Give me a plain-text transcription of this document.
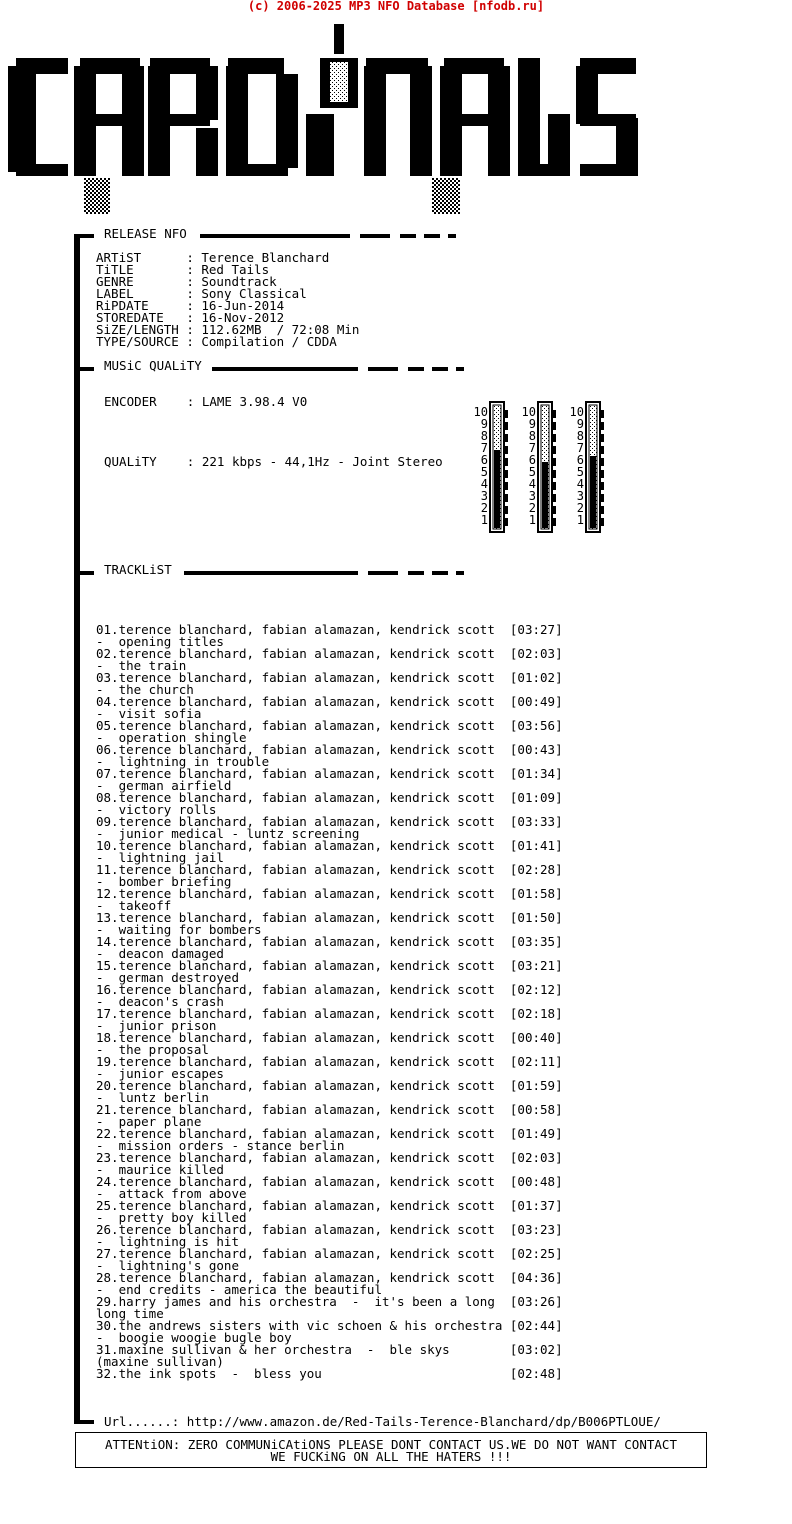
(c) 2006-2025 MP3 NFO Database [nfodb.ru]
RELEASE NFO
ARTiST      : Terence Blanchard
TiTLE       : Red Tails
GENRE       : Soundtrack
LABEL       : Sony Classical
RiPDATE     : 16-Jun-2014
STOREDATE   : 16-Nov-2012
SiZE/LENGTH : 112.62MB  / 72:08 Min
TYPE/SOURCE : Compilation / CDDA
MUSiC QUALiTY
ENCODER    : LAME 3.98.4 V0
QUALiTY    : 221 kbps - 44,1Hz - Joint Stereo
10
9
8
7
6
5
4
3
2
1
10
9
8
7
6
5
4
3
2
1
10
9
8
7
6
5
4
3
2
1
TRACKLiST
01.terence blanchard, fabian alamazan, kendrick scott  [03:27]
-  opening titles
02.terence blanchard, fabian alamazan, kendrick scott  [02:03]
-  the train
03.terence blanchard, fabian alamazan, kendrick scott  [01:02]
-  the church
04.terence blanchard, fabian alamazan, kendrick scott  [00:49]
-  visit sofia
05.terence blanchard, fabian alamazan, kendrick scott  [03:56]
-  operation shingle
06.terence blanchard, fabian alamazan, kendrick scott  [00:43]
-  lightning in trouble
07.terence blanchard, fabian alamazan, kendrick scott  [01:34]
-  german airfield
08.terence blanchard, fabian alamazan, kendrick scott  [01:09]
-  victory rolls
09.terence blanchard, fabian alamazan, kendrick scott  [03:33]
-  junior medical - luntz screening
10.terence blanchard, fabian alamazan, kendrick scott  [01:41]
-  lightning jail
11.terence blanchard, fabian alamazan, kendrick scott  [02:28]
-  bomber briefing
12.terence blanchard, fabian alamazan, kendrick scott  [01:58]
-  takeoff
13.terence blanchard, fabian alamazan, kendrick scott  [01:50]
-  waiting for bombers
14.terence blanchard, fabian alamazan, kendrick scott  [03:35]
-  deacon damaged
15.terence blanchard, fabian alamazan, kendrick scott  [03:21]
-  german destroyed
16.terence blanchard, fabian alamazan, kendrick scott  [02:12]
-  deacon's crash
17.terence blanchard, fabian alamazan, kendrick scott  [02:18]
-  junior prison
18.terence blanchard, fabian alamazan, kendrick scott  [00:40]
-  the proposal
19.terence blanchard, fabian alamazan, kendrick scott  [02:11]
-  junior escapes
20.terence blanchard, fabian alamazan, kendrick scott  [01:59]
-  luntz berlin
21.terence blanchard, fabian alamazan, kendrick scott  [00:58]
-  paper plane
22.terence blanchard, fabian alamazan, kendrick scott  [01:49]
-  mission orders - stance berlin
23.terence blanchard, fabian alamazan, kendrick scott  [02:03]
-  maurice killed
24.terence blanchard, fabian alamazan, kendrick scott  [00:48]
-  attack from above
25.terence blanchard, fabian alamazan, kendrick scott  [01:37]
-  pretty boy killed
26.terence blanchard, fabian alamazan, kendrick scott  [03:23]
-  lightning is hit
27.terence blanchard, fabian alamazan, kendrick scott  [02:25]
-  lightning's gone
28.terence blanchard, fabian alamazan, kendrick scott  [04:36]
-  end credits - america the beautiful
29.harry james and his orchestra  -  it's been a long  [03:26]
long time
30.the andrews sisters with vic schoen & his orchestra [02:44]
-  boogie woogie bugle boy
31.maxine sullivan & her orchestra  -  ble skys        [03:02]
(maxine sullivan)
32.the ink spots  -  bless you                         [02:48]
Url......: http://www.amazon.de/Red-Tails-Terence-Blanchard/dp/B006PTLOUE/
ATTENtiON: ZERO COMMUNiCAtiONS PLEASE DONT CONTACT US.WE DO NOT WANT CONTACT
WE FUCKiNG ON ALL THE HATERS !!!
